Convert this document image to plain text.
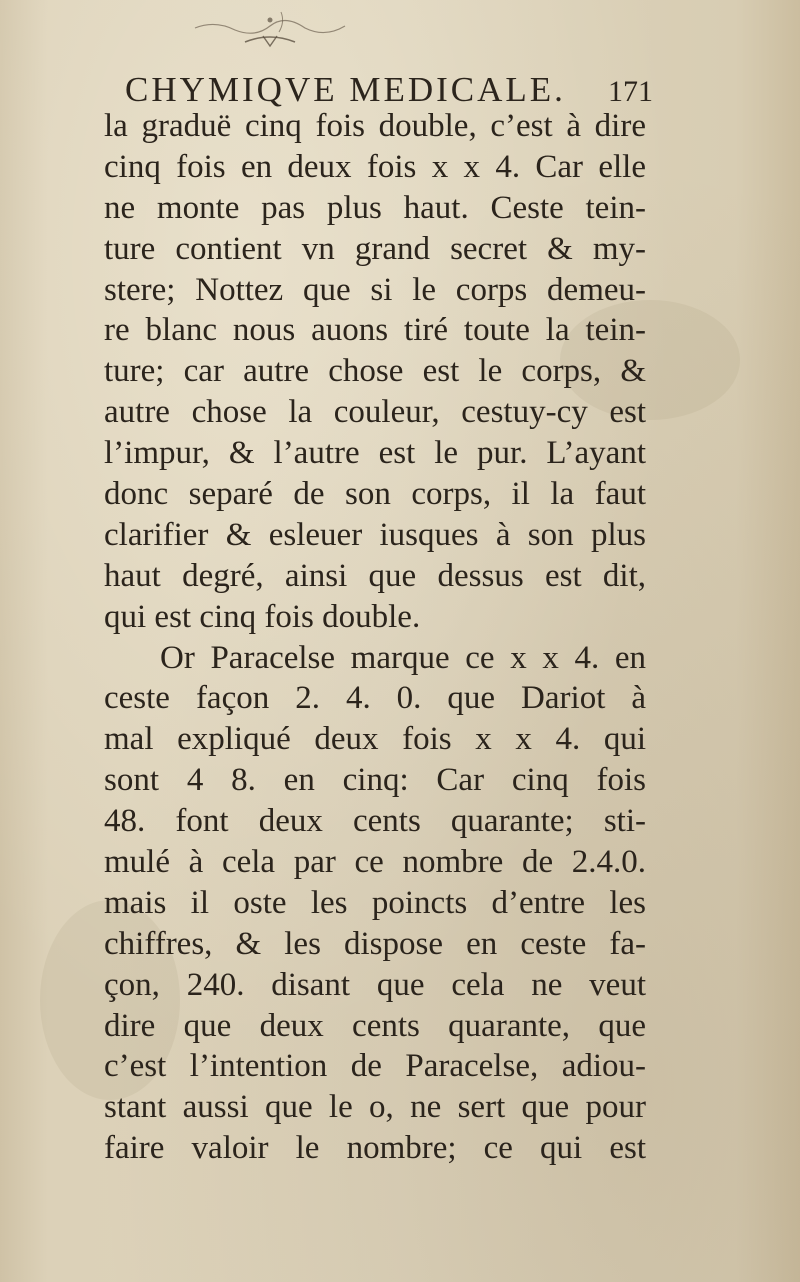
CHYMIQVE MEDICALE. 171
la graduë cinq fois double, c’est à dire
cinq fois en deux fois x x 4. Car elle
ne monte pas plus haut. Ceste tein-
ture contient vn grand secret & my-
stere; Nottez que si le corps demeu-
re blanc nous auons tiré toute la tein-
ture; car autre chose est le corps, &
autre chose la couleur, cestuy-cy est
l’impur, & l’autre est le pur. L’ayant
donc separé de son corps, il la faut
clarifier & esleuer iusques à son plus
haut degré, ainsi que dessus est dit,
qui est cinq fois double.
Or Paracelse marque ce x x 4. en
ceste façon 2. 4. 0. que Dariot à
mal expliqué deux fois x x 4. qui
sont 4 8. en cinq: Car cinq fois
48. font deux cents quarante; sti-
mulé à cela par ce nombre de 2.4.0.
mais il oste les poincts d’entre les
chiffres, & les dispose en ceste fa-
çon, 240. disant que cela ne veut
dire que deux cents quarante, que
c’est l’intention de Paracelse, adiou-
stant aussi que le o, ne sert que pour
faire valoir le nombre; ce qui est
